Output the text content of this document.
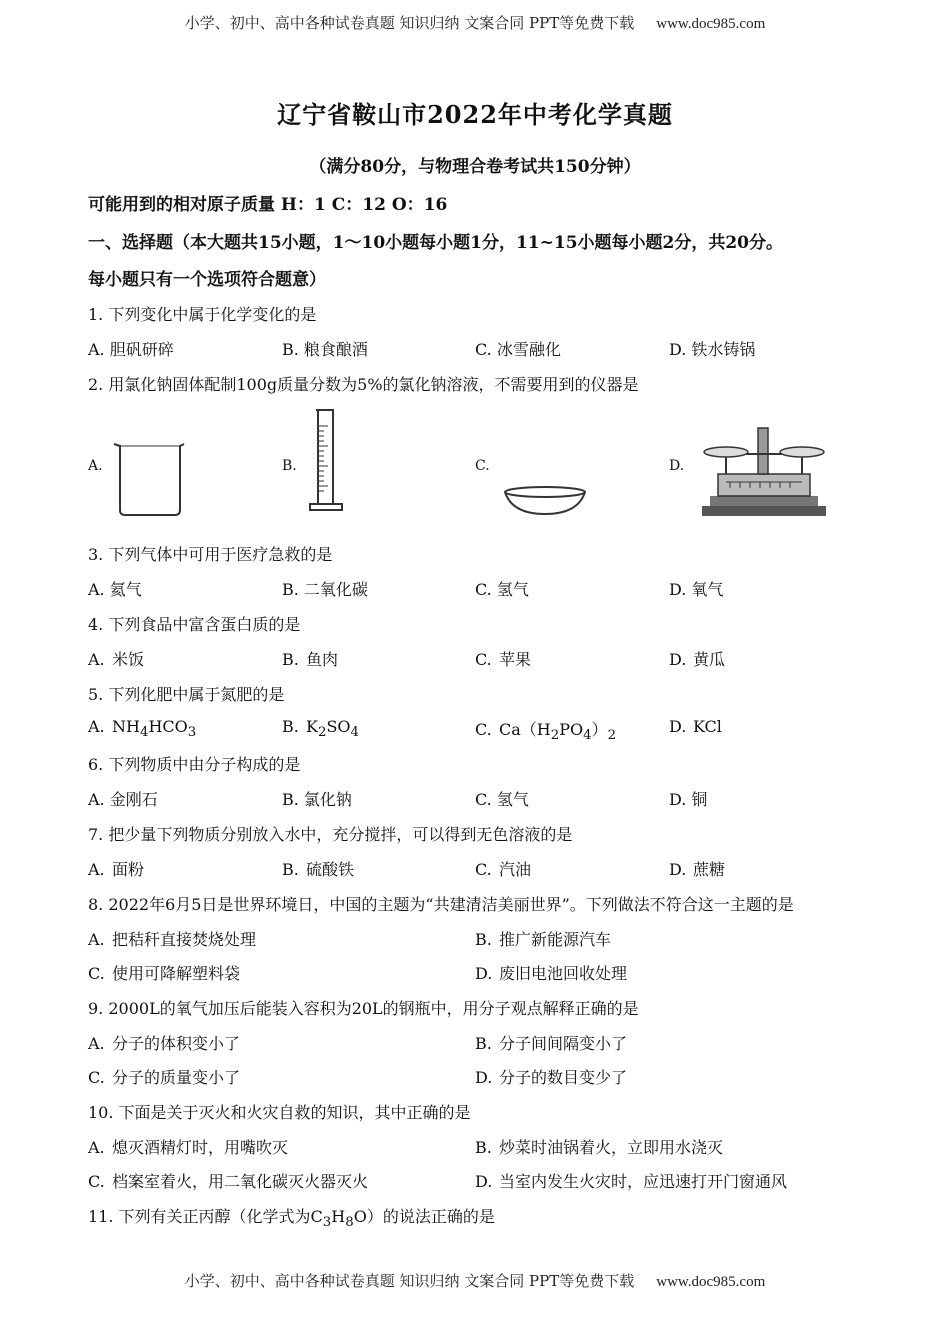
小学、初中、高中各种试卷真题 知识归纳 文案合同 PPT等免费下载 www.doc985.com
辽宁省鞍山市2022年中考化学真题
（满分80分，与物理合卷考试共150分钟）
可能用到的相对原子质量 H：1 C：12 O：16
一、选择题（本大题共15小题，1～10小题每小题1分，11~15小题每小题2分，共20分。
每小题只有一个选项符合题意）
1. 下列变化中属于化学变化的是
A. 胆矾研碎	B. 粮食酿酒	C. 冰雪融化	D. 铁水铸锅
2. 用氯化钠固体配制100g质量分数为5%的氯化钠溶液，不需要用到的仪器是
A.	B.	C.	D.
3. 下列气体中可用于医疗急救的是
A. 氦气	B. 二氧化碳	C. 氢气	D. 氧气
4. 下列食品中富含蛋白质的是
A. 米饭	B. 鱼肉	C. 苹果	D. 黄瓜
5. 下列化肥中属于氮肥的是
A. $NH_4HCO_3$	B. $K_2SO_4$	C. $Ca(H_2PO_4)_2$	D. KCl
6. 下列物质中由分子构成的是
A. 金刚石	B. 氯化钠	C. 氢气	D. 铜
7. 把少量下列物质分别放入水中，充分搅拌，可以得到无色溶液的是
A. 面粉	B. 硫酸铁	C. 汽油	D. 蔗糖
8. 2022年6月5日是世界环境日，中国的主题为“共建清洁美丽世界”。下列做法不符合这一主题的是
A. 把秸秆直接焚烧处理	B. 推广新能源汽车
C. 使用可降解塑料袋	D. 废旧电池回收处理
9. 2000L的氧气加压后能装入容积为20L的钢瓶中，用分子观点解释正确的是
A. 分子的体积变小了	B. 分子间间隔变小了
C. 分子的质量变小了	D. 分子的数目变少了
10. 下面是关于灭火和火灾自救的知识，其中正确的是
A. 熄灭酒精灯时，用嘴吹灭	B. 炒菜时油锅着火，立即用水浇灭
C. 档案室着火，用二氧化碳灭火器灭火	D. 当室内发生火灾时，应迅速打开门窗通风
11. 下列有关正丙醇（化学式为$C_3H_8O$）的说法正确的是
小学、初中、高中各种试卷真题 知识归纳 文案合同 PPT等免费下载 www.doc985.com
